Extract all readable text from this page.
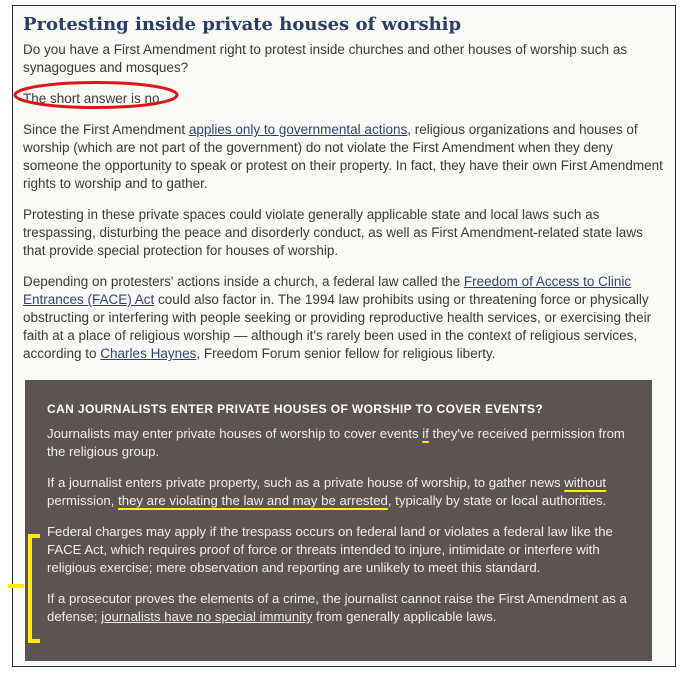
Protesting inside private houses of worship

Do you have a First Amendment right to protest inside churches and other houses of worship such as synagogues and mosques?

The short answer is no.

Since the First Amendment applies only to governmental actions, religious organizations and houses of worship (which are not part of the government) do not violate the First Amendment when they deny someone the opportunity to speak or protest on their property. In fact, they have their own First Amendment rights to worship and to gather.

Protesting in these private spaces could violate generally applicable state and local laws such as trespassing, disturbing the peace and disorderly conduct, as well as First Amendment-related state laws that provide special protection for houses of worship.

Depending on protesters' actions inside a church, a federal law called the Freedom of Access to Clinic Entrances (FACE) Act could also factor in. The 1994 law prohibits using or threatening force or physically obstructing or interfering with people seeking or providing reproductive health services, or exercising their faith at a place of religious worship — although it's rarely been used in the context of religious services, according to Charles Haynes, Freedom Forum senior fellow for religious liberty.

CAN JOURNALISTS ENTER PRIVATE HOUSES OF WORSHIP TO COVER EVENTS?

Journalists may enter private houses of worship to cover events if they've received permission from the religious group.

If a journalist enters private property, such as a private house of worship, to gather news without permission, they are violating the law and may be arrested, typically by state or local authorities.

Federal charges may apply if the trespass occurs on federal land or violates a federal law like the FACE Act, which requires proof of force or threats intended to injure, intimidate or interfere with religious exercise; mere observation and reporting are unlikely to meet this standard.

If a prosecutor proves the elements of a crime, the journalist cannot raise the First Amendment as a defense; journalists have no special immunity from generally applicable laws.
